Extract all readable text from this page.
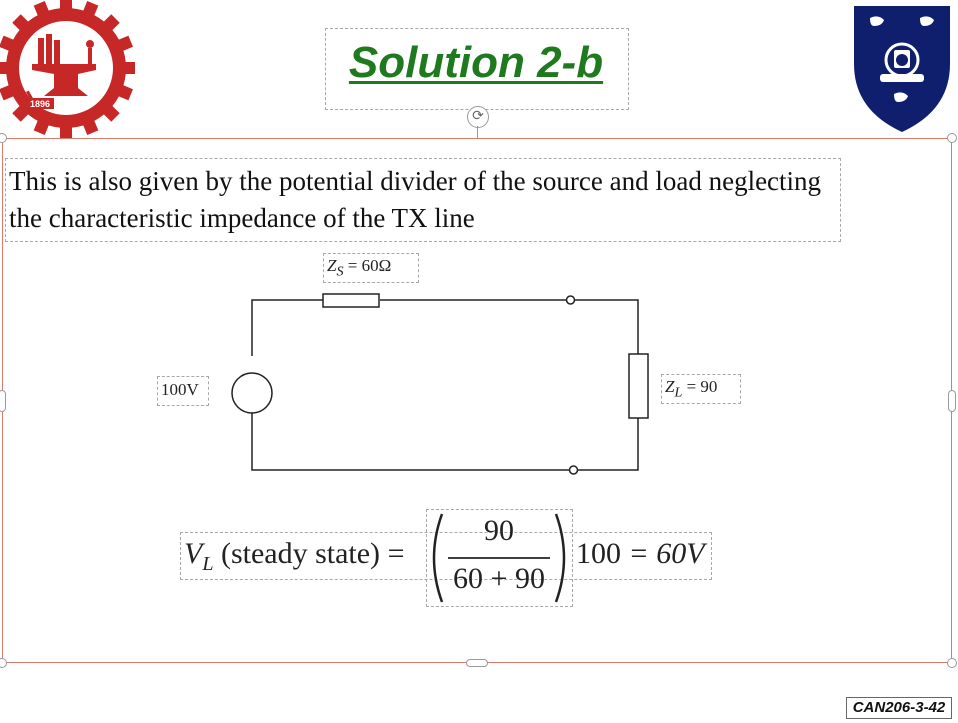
1896
Solution 2-b
⟳
This is also given by the potential divider of the source and load neglecting the characteristic impedance of the TX line
$Z_S = 60\Omega$
100V	$Z_L = 90$
$V_L$ (steady state) =
90
60 + 90
100 = 60V
CAN206-3-42
